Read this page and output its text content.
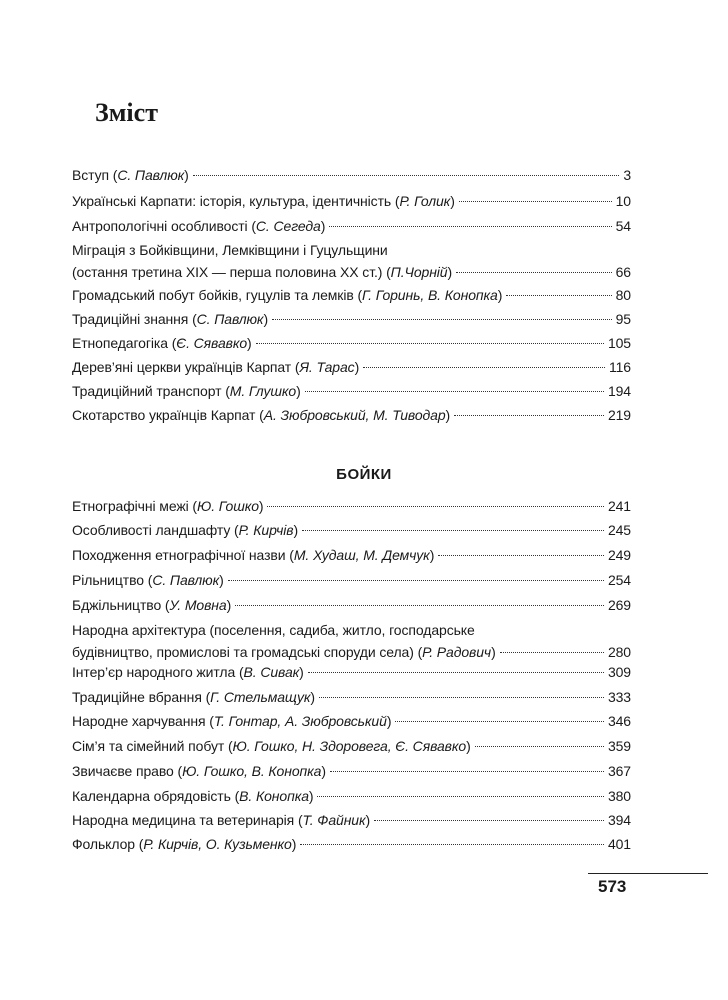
Зміст
Вступ (С. Павлюк)	3
Українські Карпати: історія, культура, ідентичність (Р. Голик)	10
Антропологічні особливості (С. Сегеда)	54
Міграція з Бойківщини, Лемківщини і Гуцульщини
(остання третина XIX — перша половина XX ст.) (П.Чорній)	66
Громадський побут бойків, гуцулів та лемків (Г. Горинь, В. Конопка)	80
Традиційні знання (С. Павлюк)	95
Етнопедагогіка (Є. Сявавко)	105
Дерев’яні церкви українців Карпат (Я. Тарас)	116
Традиційний транспорт (М. Глушко)	194
Скотарство українців Карпат (А. Зюбровський, М. Тиводар)	219
БОЙКИ
Етнографічні межі (Ю. Гошко)	241
Особливості ландшафту (Р. Кирчів)	245
Походження етнографічної назви (М. Худаш, М. Демчук)	249
Рільництво (С. Павлюк)	254
Бджільництво (У. Мовна)	269
Народна архітектура (поселення, садиба, житло, господарське
будівництво, промислові та громадські споруди села) (Р. Радович)	280
Інтер’єр народного житла (В. Сивак)	309
Традиційне вбрання (Г. Стельмащук)	333
Народне харчування (Т. Гонтар, А. Зюбровський)	346
Сім’я та сімейний побут (Ю. Гошко, Н. Здоровега, Є. Сявавко)	359
Звичаєве право (Ю. Гошко, В. Конопка)	367
Календарна обрядовість (В. Конопка)	380
Народна медицина та ветеринарія (Т. Файник)	394
Фольклор (Р. Кирчів, О. Кузьменко)	401
573
